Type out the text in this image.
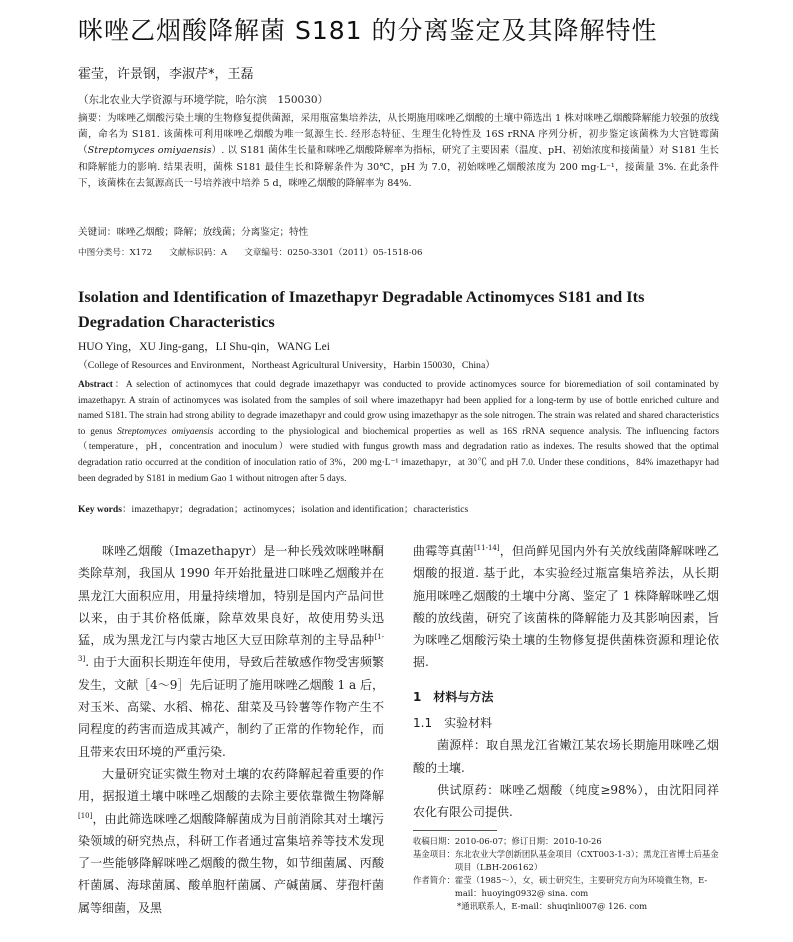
咪唑乙烟酸降解菌 S181 的分离鉴定及其降解特性
霍莹，许景钢，李淑芹*，王磊
（东北农业大学资源与环境学院，哈尔滨　150030）
摘要：为咪唑乙烟酸污染土壤的生物修复提供菌源，采用瓶富集培养法，从长期施用咪唑乙烟酸的土壤中筛选出 1 株对咪唑乙烟酸降解能力较强的放线菌，命名为 S181. 该菌株可利用咪唑乙烟酸为唯一氮源生长. 经形态特征、生理生化特性及 16S rRNA 序列分析，初步鉴定该菌株为大宫链霉菌（Streptomyces omiyaensis）. 以 S181 菌体生长量和咪唑乙烟酸降解率为指标，研究了主要因素（温度、pH、初始浓度和接菌量）对 S181 生长和降解能力的影响. 结果表明，菌株 S181 最佳生长和降解条件为 30℃，pH 为 7.0，初始咪唑乙烟酸浓度为 200 mg·L⁻¹，接菌量 3%. 在此条件下，该菌株在去氮源高氏一号培养液中培养 5 d，咪唑乙烟酸的降解率为 84%.
关键词：咪唑乙烟酸；降解；放线菌；分离鉴定；特性
中图分类号：X172　　文献标识码：A　　文章编号：0250-3301（2011）05-1518-06
Isolation and Identification of Imazethapyr Degradable Actinomyces S181 and Its Degradation Characteristics
HUO Ying，XU Jing-gang，LI Shu-qin，WANG Lei
（College of Resources and Environment，Northeast Agricultural University，Harbin 150030，China）
Abstract：A selection of actinomyces that could degrade imazethapyr was conducted to provide actinomyces source for bioremediation of soil contaminated by imazethapyr. A strain of actinomyces was isolated from the samples of soil where imazethapyr had been applied for a long-term by use of bottle enriched culture and named S181. The strain had strong ability to degrade imazethapyr and could grow using imazethapyr as the sole nitrogen. The strain was related and shared characteristics to genus Streptomyces omiyaensis according to the physiological and biochemical properties as well as 16S rRNA sequence analysis. The influencing factors（temperature，pH，concentration and inoculum）were studied with fungus growth mass and degradation ratio as indexes. The results showed that the optimal degradation ratio occurred at the condition of inoculation ratio of 3%，200 mg·L⁻¹ imazethapyr，at 30℃ and pH 7.0. Under these conditions，84% imazethapyr had been degraded by S181 in medium Gao 1 without nitrogen after 5 days.
Key words：imazethapyr；degradation；actinomyces；isolation and identification；characteristics

咪唑乙烟酸（Imazethapyr）是一种长残效咪唑啉酮类除草剂，我国从 1990 年开始批量进口咪唑乙烟酸并在黑龙江大面积应用，用量持续增加，特别是国内产品问世以来，由于其价格低廉，除草效果良好，故使用势头迅猛，成为黑龙江与内蒙古地区大豆田除草剂的主导品种[1-3]. 由于大面积长期连年使用，导致后茬敏感作物受害频繁发生，文献［4～9］先后证明了施用咪唑乙烟酸 1 a 后，对玉米、高粱、水稻、棉花、甜菜及马铃薯等作物产生不同程度的药害而造成其减产，制约了正常的作物轮作，而且带来农田环境的严重污染.

大量研究证实微生物对土壤的农药降解起着重要的作用，据报道土壤中咪唑乙烟酸的去除主要依靠微生物降解[10]，由此筛选咪唑乙烟酸降解菌成为目前消除其对土壤污染领域的研究热点，科研工作者通过富集培养等技术发现了一些能够降解咪唑乙烟酸的微生物，如节细菌属、丙酸杆菌属、海球菌属、酸单胞杆菌属、产碱菌属、芽孢杆菌属等细菌，及黑

曲霉等真菌[11-14]，但尚鲜见国内外有关放线菌降解咪唑乙烟酸的报道. 基于此，本实验经过瓶富集培养法，从长期施用咪唑乙烟酸的土壤中分离、鉴定了 1 株降解咪唑乙烟酸的放线菌，研究了该菌株的降解能力及其影响因素，旨为咪唑乙烟酸污染土壤的生物修复提供菌株资源和理论依据.

1　材料与方法

1.1　实验材料

菌源样：取自黑龙江省嫩江某农场长期施用咪唑乙烟酸的土壤.

供试原药：咪唑乙烟酸（纯度≥98%），由沈阳同祥农化有限公司提供.

收稿日期： 2010-06-07；修订日期：2010-10-26
基金项目： 东北农业大学创新团队基金项目（CXT003-1-3）；黑龙江省博士后基金项目（LBH-206162）
作者简介： 霍莹（1985～），女，硕士研究生，主要研究方向为环境微生物，E-mail：huoying0932@ sina. com
* 通讯联系人，E-mail：shuqinli007@ 126. com
